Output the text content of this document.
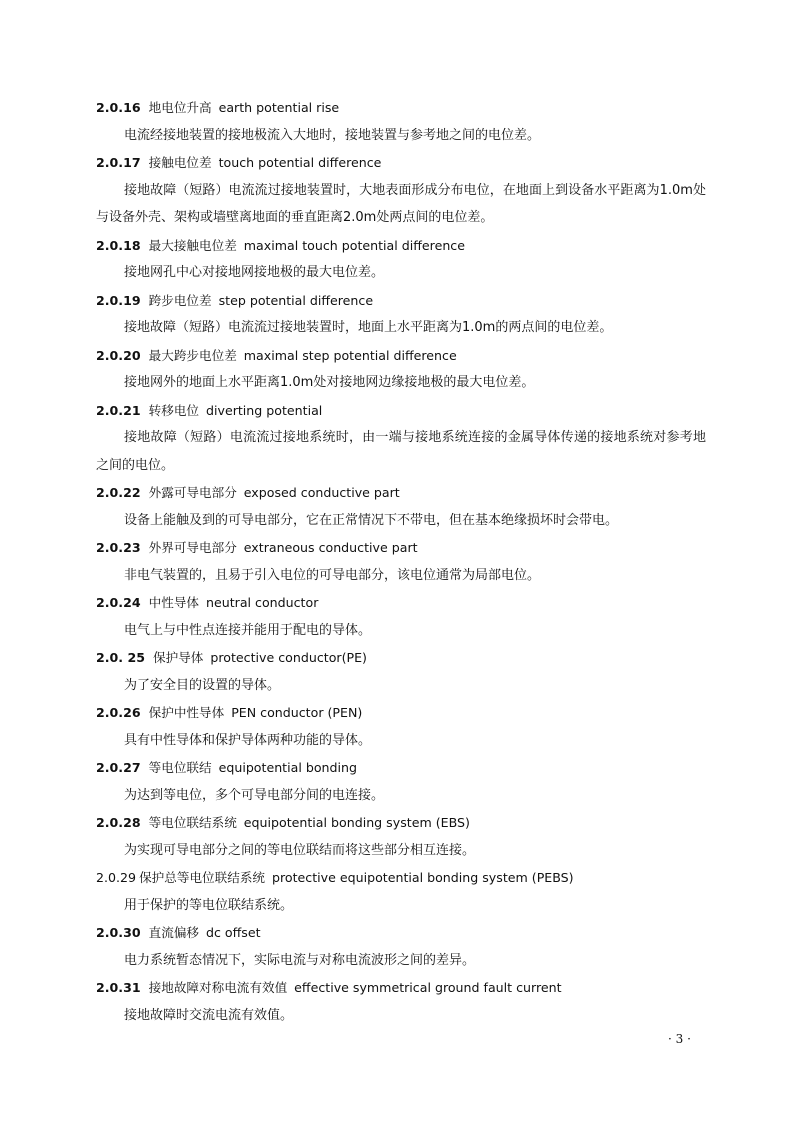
2.0.16 地电位升高 earth potential rise

电流经接地装置的接地极流入大地时，接地装置与参考地之间的电位差。

2.0.17 接触电位差 touch potential difference

接地故障（短路）电流流过接地装置时，大地表面形成分布电位，在地面上到设备水平距离为1.0m处与设备外壳、架构或墙壁离地面的垂直距离2.0m处两点间的电位差。

2.0.18 最大接触电位差 maximal touch potential difference

接地网孔中心对接地网接地极的最大电位差。

2.0.19 跨步电位差 step potential difference

接地故障（短路）电流流过接地装置时，地面上水平距离为1.0m的两点间的电位差。

2.0.20 最大跨步电位差 maximal step potential difference

接地网外的地面上水平距离1.0m处对接地网边缘接地极的最大电位差。

2.0.21 转移电位 diverting potential

接地故障（短路）电流流过接地系统时，由一端与接地系统连接的金属导体传递的接地系统对参考地之间的电位。

2.0.22 外露可导电部分 exposed conductive part

设备上能触及到的可导电部分，它在正常情况下不带电，但在基本绝缘损坏时会带电。

2.0.23 外界可导电部分 extraneous conductive part

非电气装置的，且易于引入电位的可导电部分，该电位通常为局部电位。

2.0.24 中性导体 neutral conductor

电气上与中性点连接并能用于配电的导体。

2.0. 25 保护导体 protective conductor(PE)

为了安全目的设置的导体。

2.0.26 保护中性导体 PEN conductor (PEN)

具有中性导体和保护导体两种功能的导体。

2.0.27 等电位联结 equipotential bonding

为达到等电位，多个可导电部分间的电连接。

2.0.28 等电位联结系统 equipotential bonding system (EBS)

为实现可导电部分之间的等电位联结而将这些部分相互连接。

2.0.29 保护总等电位联结系统 protective equipotential bonding system (PEBS)

用于保护的等电位联结系统。

2.0.30 直流偏移 dc offset

电力系统暂态情况下，实际电流与对称电流波形之间的差异。

2.0.31 接地故障对称电流有效值 effective symmetrical ground fault current

接地故障时交流电流有效值。

· 3 ·
